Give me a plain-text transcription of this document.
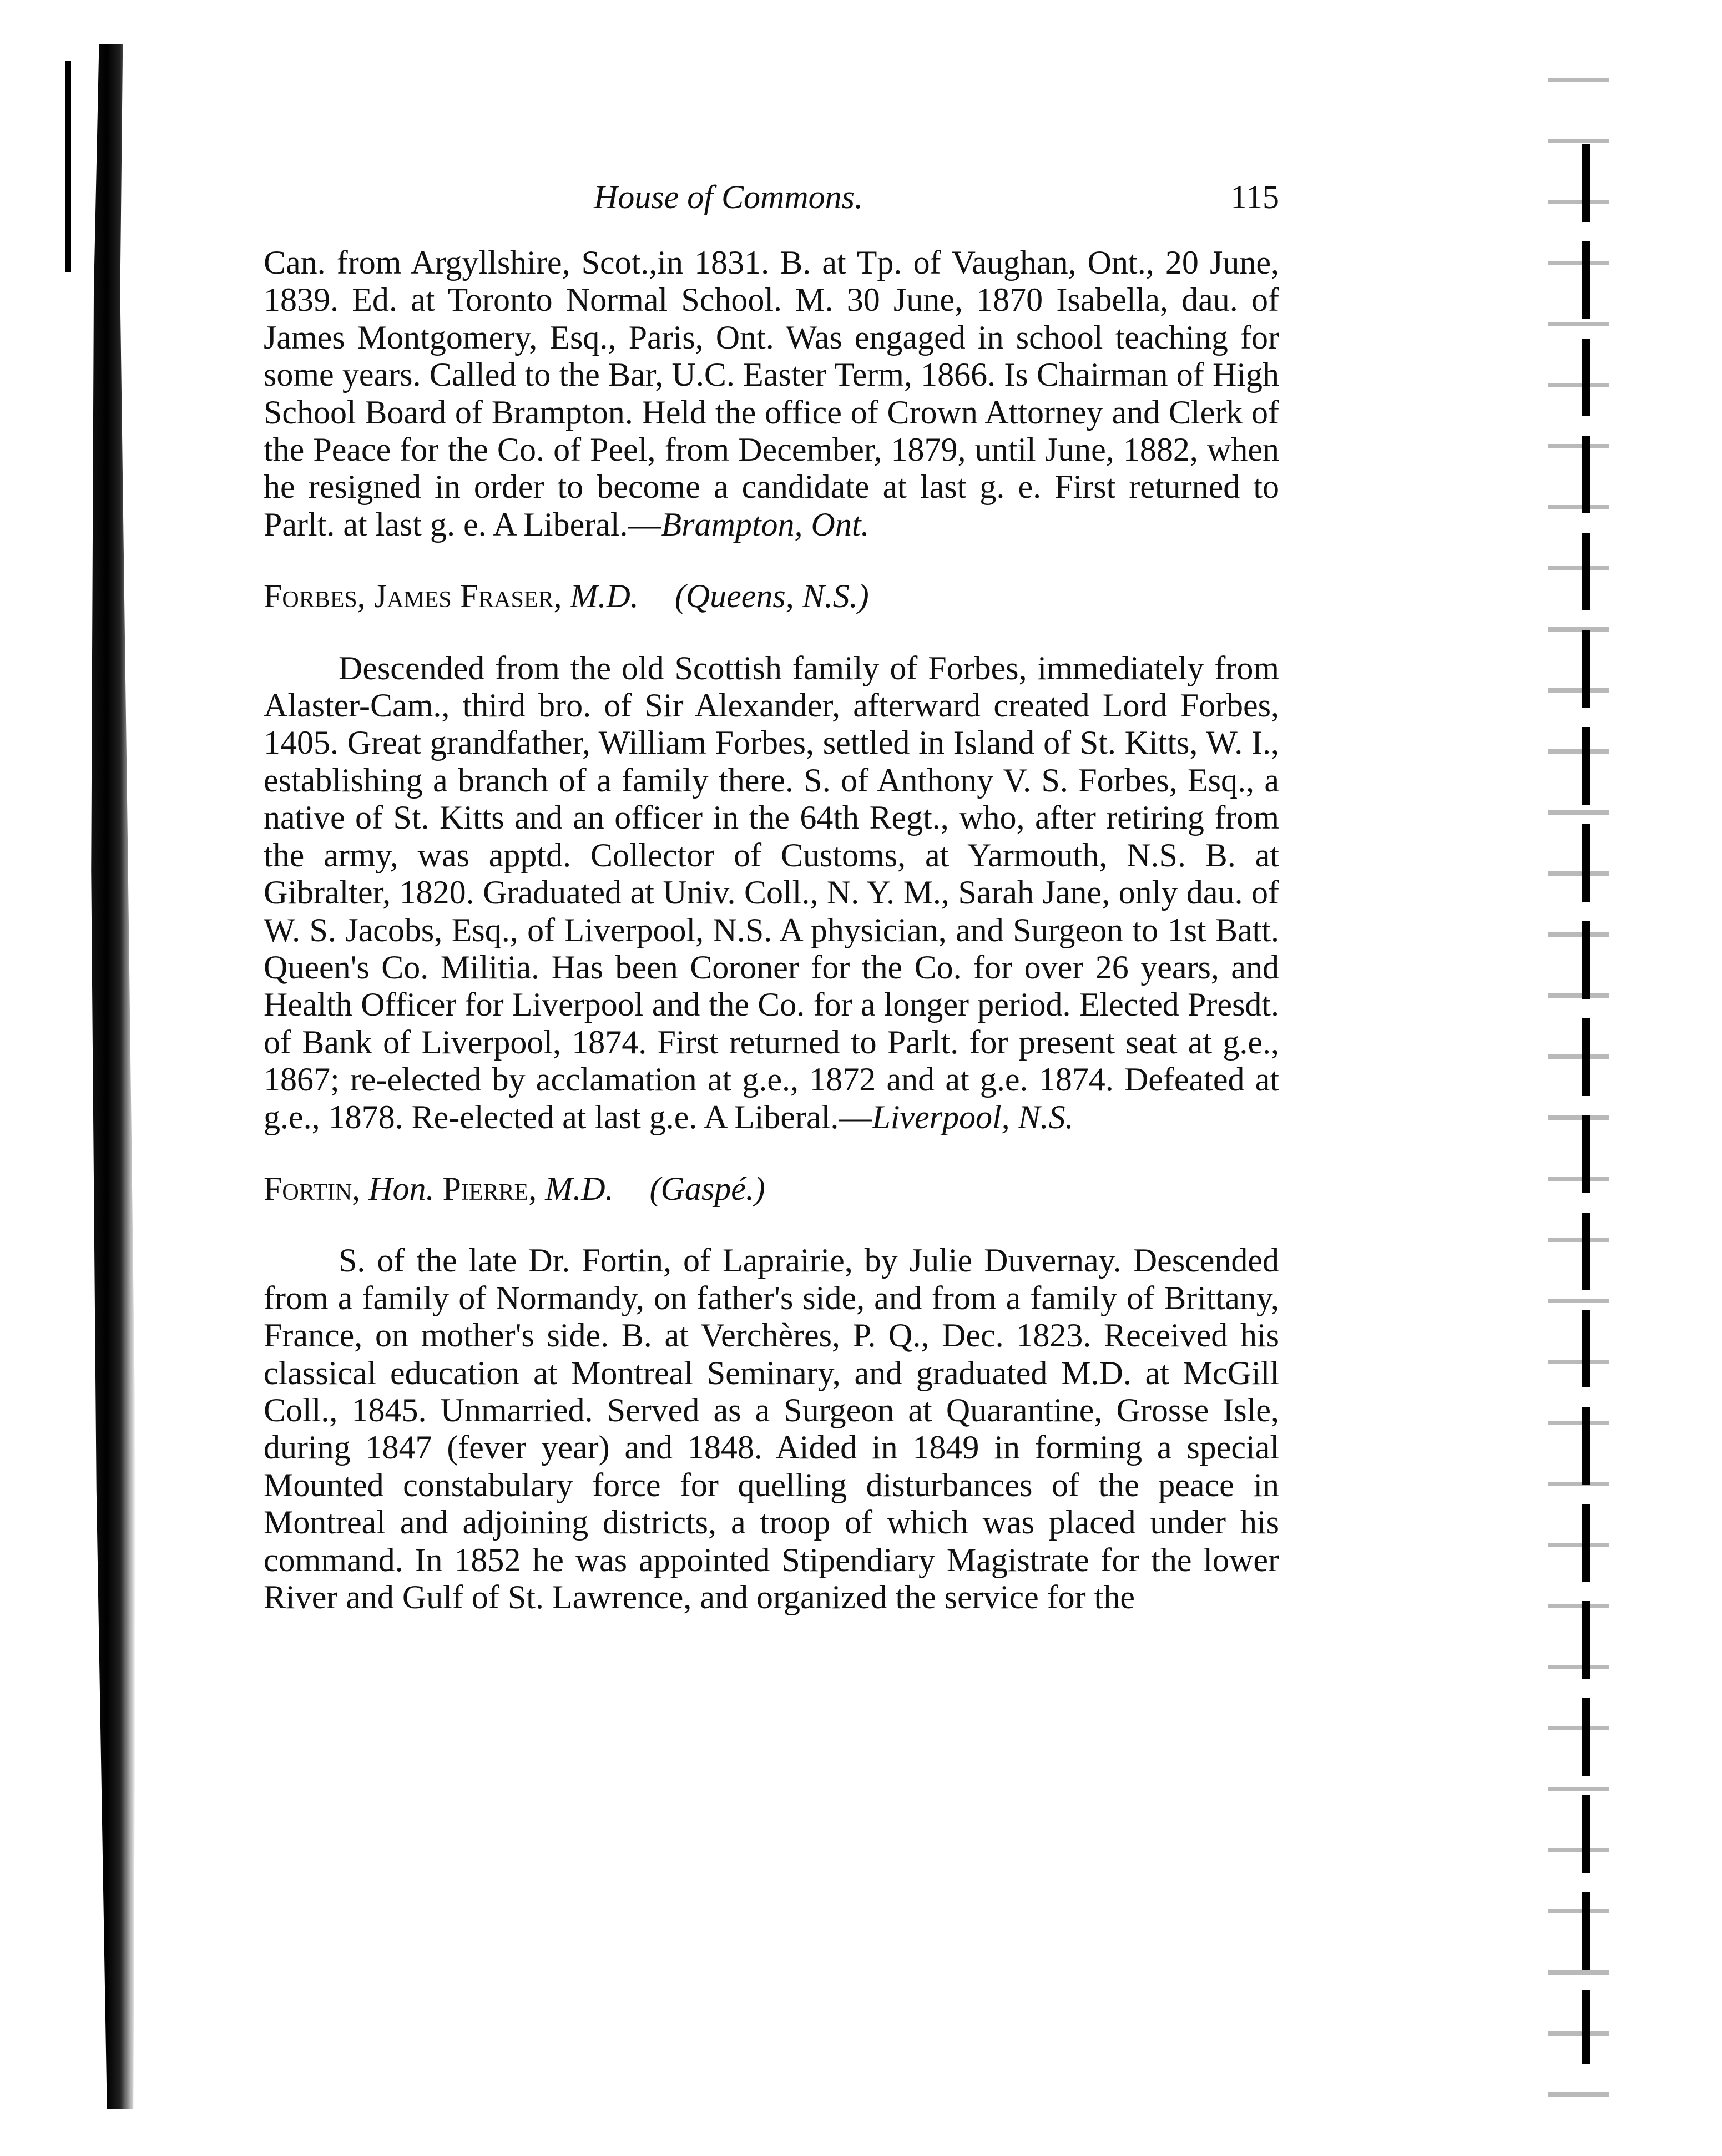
House of Commons.	115

Can. from Argyllshire, Scot.,in 1831. B. at Tp. of Vaughan, Ont., 20 June, 1839. Ed. at Toronto Normal School. M. 30 June, 1870 Isabella, dau. of James Montgomery, Esq., Paris, Ont. Was engaged in school teaching for some years. Called to the Bar, U.C. Easter Term, 1866. Is Chairman of High School Board of Brampton. Held the office of Crown Attorney and Clerk of the Peace for the Co. of Peel, from December, 1879, until June, 1882, when he resigned in order to become a candidate at last g. e. First returned to Parlt. at last g. e. A Liberal.—Brampton, Ont.

Forbes, James Fraser, M.D. (Queens, N.S.)

Descended from the old Scottish family of Forbes, immediately from Alaster-Cam., third bro. of Sir Alexander, afterward created Lord Forbes, 1405. Great grandfather, William Forbes, settled in Island of St. Kitts, W. I., establishing a branch of a family there. S. of Anthony V. S. Forbes, Esq., a native of St. Kitts and an officer in the 64th Regt., who, after retiring from the army, was apptd. Collector of Customs, at Yarmouth, N.S. B. at Gibralter, 1820. Graduated at Univ. Coll., N. Y. M., Sarah Jane, only dau. of W. S. Jacobs, Esq., of Liverpool, N.S. A physician, and Surgeon to 1st Batt. Queen's Co. Militia. Has been Coroner for the Co. for over 26 years, and Health Officer for Liverpool and the Co. for a longer period. Elected Presdt. of Bank of Liverpool, 1874. First returned to Parlt. for present seat at g.e., 1867; re-elected by acclamation at g.e., 1872 and at g.e. 1874. Defeated at g.e., 1878. Re-elected at last g.e. A Liberal.—Liverpool, N.S.

Fortin, Hon. Pierre, M.D. (Gaspé.)

S. of the late Dr. Fortin, of Laprairie, by Julie Duvernay. Descended from a family of Normandy, on father's side, and from a family of Brittany, France, on mother's side. B. at Verchères, P. Q., Dec. 1823. Received his classical education at Montreal Seminary, and graduated M.D. at McGill Coll., 1845. Unmarried. Served as a Surgeon at Quarantine, Grosse Isle, during 1847 (fever year) and 1848. Aided in 1849 in forming a special Mounted constabulary force for quelling disturbances of the peace in Montreal and adjoining districts, a troop of which was placed under his command. In 1852 he was appointed Stipendiary Magistrate for the lower River and Gulf of St. Lawrence, and organized the service for the
